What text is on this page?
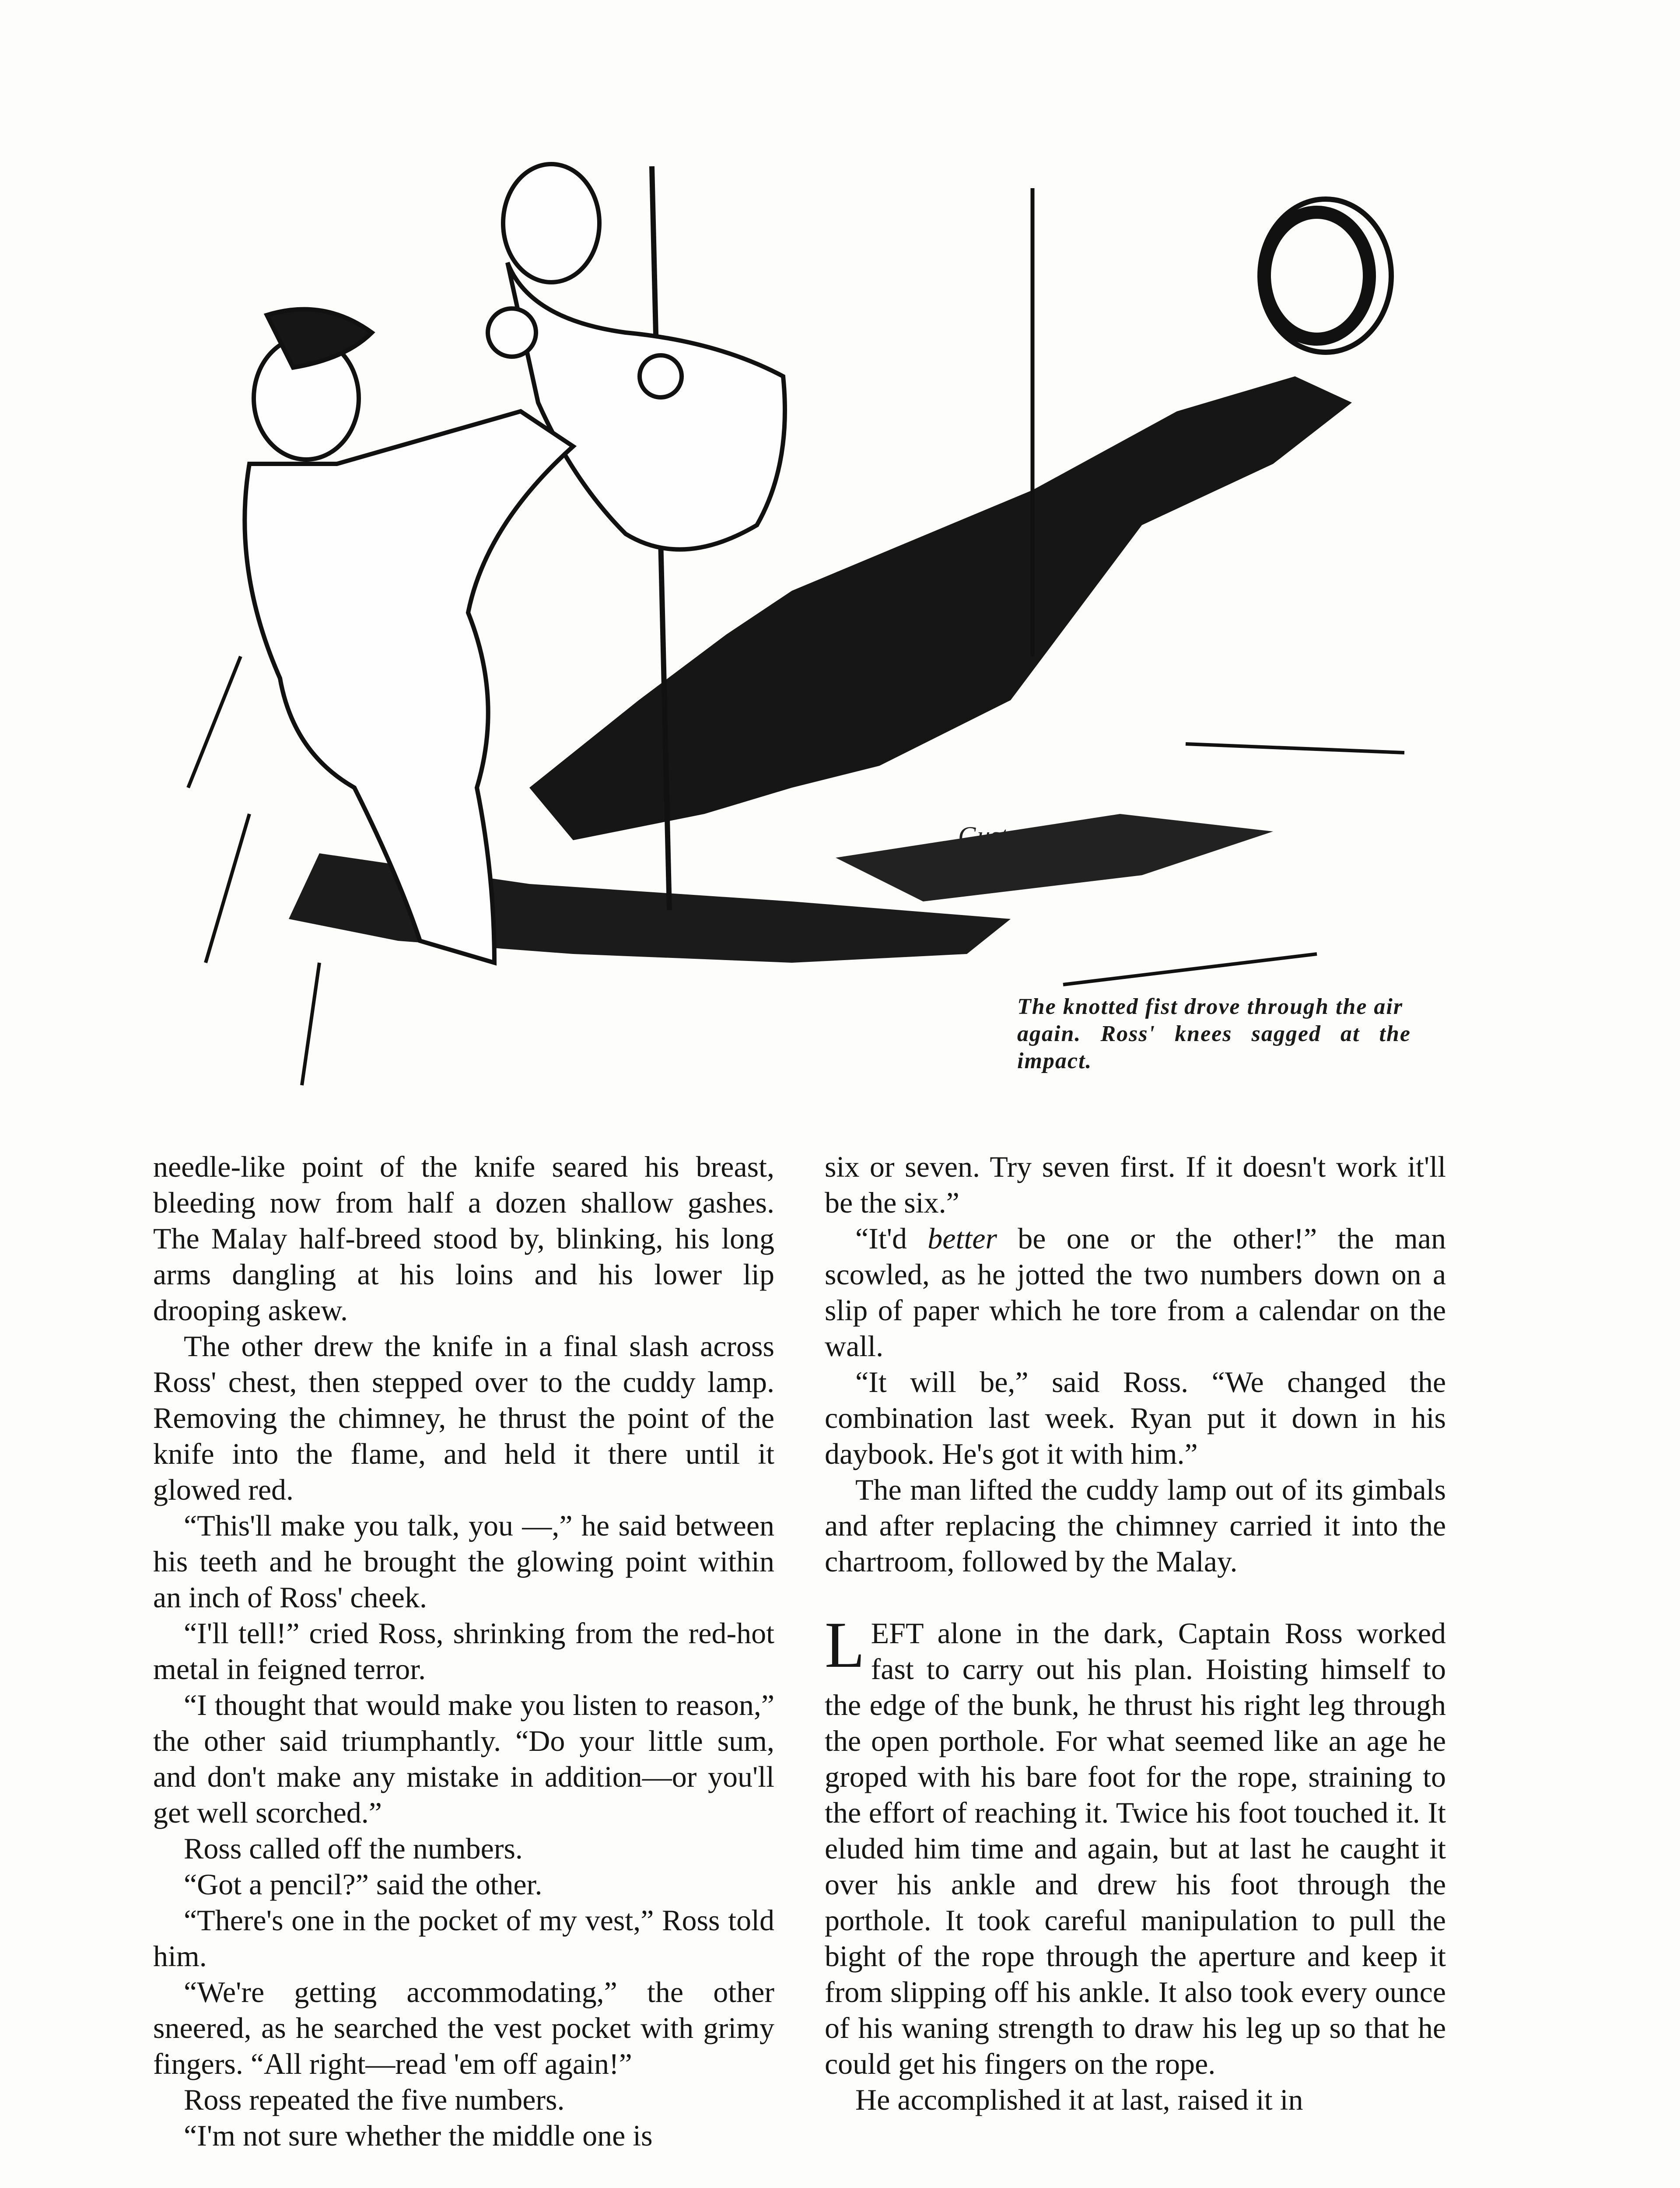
Gustavson
The knotted fist drove through the air
again. Ross' knees sagged at the impact.

needle-like point of the knife seared his breast, bleeding now from half a dozen shallow gashes. The Malay half-breed stood by, blinking, his long arms dangling at his loins and his lower lip drooping askew.

The other drew the knife in a final slash across Ross' chest, then stepped over to the cuddy lamp. Removing the chimney, he thrust the point of the knife into the flame, and held it there until it glowed red.

“This'll make you talk, you —,” he said between his teeth and he brought the glowing point within an inch of Ross' cheek.

“I'll tell!” cried Ross, shrinking from the red-hot metal in feigned terror.

“I thought that would make you listen to reason,” the other said triumphantly. “Do your little sum, and don't make any mistake in addition—or you'll get well scorched.”

Ross called off the numbers.

“Got a pencil?” said the other.

“There's one in the pocket of my vest,” Ross told him.

“We're getting accommodating,” the other sneered, as he searched the vest pocket with grimy fingers. “All right—read 'em off again!”

Ross repeated the five numbers.

“I'm not sure whether the middle one is

six or seven. Try seven first. If it doesn't work it'll be the six.”

“It'd better be one or the other!” the man scowled, as he jotted the two numbers down on a slip of paper which he tore from a calendar on the wall.

“It will be,” said Ross. “We changed the combination last week. Ryan put it down in his daybook. He's got it with him.”

The man lifted the cuddy lamp out of its gimbals and after replacing the chimney carried it into the chartroom, followed by the Malay.

LEFT alone in the dark, Captain Ross worked fast to carry out his plan. Hoisting himself to the edge of the bunk, he thrust his right leg through the open porthole. For what seemed like an age he groped with his bare foot for the rope, straining to the effort of reaching it. Twice his foot touched it. It eluded him time and again, but at last he caught it over his ankle and drew his foot through the porthole. It took careful manipulation to pull the bight of the rope through the aperture and keep it from slipping off his ankle. It also took every ounce of his waning strength to draw his leg up so that he could get his fingers on the rope.

He accomplished it at last, raised it in
